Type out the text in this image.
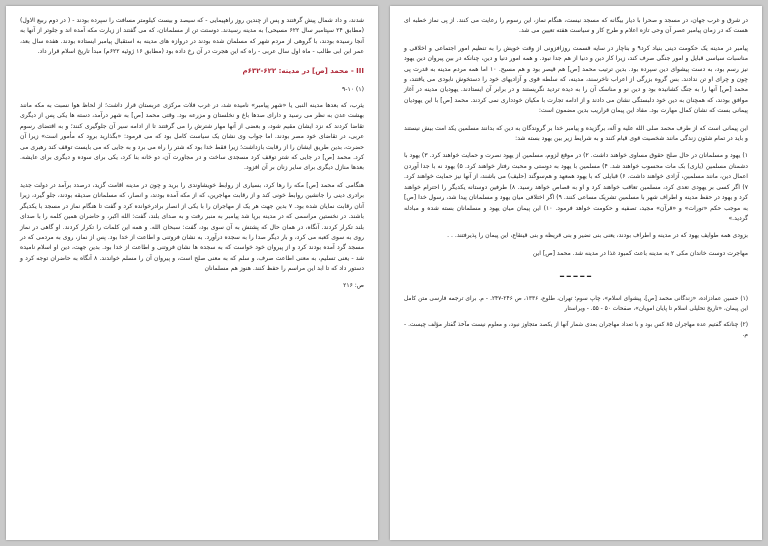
شدند، و داد شمال پیش گرفتند و پس از چندین روز راهپیمایی - که سیصد و بیست کیلومتر مسافت را سپرده بودند - ( در دوم ربیع الاول) (مطابق ۲۴ سپتامبر سال ۶۲۲ مسیحی) به مدینه رسیدند. دوستت تن از مسلمانان، که می گفتند از زیارت مکه آمده اند و جلوتر از آنها به آنجا رسیده بودند، با گروهی از مردم شهر که مسلمان شده بودند در دروازه های مدینه به استقبال پیامبر ایستاده بودند. هفده سال بعد، عمر ابن ابی طالب - ماه اول سال عربی - راه که این هجرت در آن رخ داده بود (مطابق ۱۶ ژوئیه ۶۲۲م) مبدأ تاریخ اسلام قرار داد.

III - محمد [ص] در مدینه: ۶۲۲-۶۳۲م

(۱) ۹-۱۰

یثرب، که بعدها مدینه النبی یا «شهر پیامبر» نامیده شد، در غرب فلات مرکزی عربستان قرار داشت؛ از لحاظ هوا نسبت به مکه مانند بهشت عدن به نظر می رسید و دارای صدها باغ و نخلستان و مزرعه بود. وقتی محمد [ص] به شهر درآمد، دسته ها یکی پس از دیگری تقاضا کردند که نزد ایشان مقیم شود، و بعضی از آنها مهار شترش را می گرفتند تا از ادامه سیر آن جلوگیری کنند؛ و به اقتضای رسوم عربی، در تقاضای خود مصر بودند. اما جواب وی نشان یک سیاست کامل بود که می فرمود: «بگذارید برود که مأمور است» زیرا آن حضرت، بدین طریق ایشان را از رقابت بازداشت؛ زیرا فقط خدا بود که شتر را راه می برد و به جایی که می بایست توقف کند رهبری می کرد. محمد [ص] در جایی که شتر توقف کرد مسجدی ساخت و در مجاورت آن، دو خانه بنا کرد، یکی برای سوده و دیگری برای عایشه. بعدها منازل دیگری برای سایر زنان بر آن افزود.

هنگامی که محمد [ص] مکه را رها کرد، بسیاری از روابط خویشاوندی را برید و چون در مدینه اقامت گزید، درصدد برآمد در دولت جدید برادری دینی را جانشین روابط خونی کند و از رقابت مهاجرین، که از مکه آمده بودند، و انصار، که مسلمانان صدیقه بودند، جلو گیرد، زیرا آنان رقابت نمایان شده بود. ۷ بدین جهت هر یک از مهاجران را با یکی از انصار برادرخوانده کرد و گفت تا هنگام نماز در مسجد با یکدیگر باشند. در نخستین مراسمی که در مدینه برپا شد پیامبر به منبر رفت و به صدای بلند، گفت: الله اکبر، و حاضران همین کلمه را با صدای بلند تکرار کردند. آنگاه، در همان حال که پشتش به آن سوی بود، گفت: سبحان الله. و همه این کلمات را تکرار کردند. او گاهی در نماز روی به سوی کعبه می کرد، و بار دیگر صدا را به سجده درآورد. به نشان فروتنی و اطاعت از خدا بود. پس از نماز، روی به مردمی که در مسجد گرد آمده بودند کرد و از پیروان خود خواست که به سجده ها نشان فروتنی و اطاعت از خدا بود. بدین جهت، دین او اسلام نامیده شد - یعنی تسلیم، به معنی اطاعت صرف، و سلم که به معنی صلح است، و پیروان آن را مسلم خواندند. ۸ آنگاه به حاضران توجه کرد و دستور داد که تا ابد این مراسم را حفظ کنند. هنوز هم مسلمانان

ص: ۲۱۶

در شرق و غرب جهان، در مسجد و صحرا با دیار بیگانه که مسجد نیست، هنگام نماز، این رسوم را رعایت می کنند. از پی نماز خطبه ای هست که در زمان پیامبر عصر آن وحی تازه اعلام و طرح کار و سیاست هفته تعیین می شد.

پیامبر در مدینه یک حکومت دینی بنیاد کرد۹ و بناچار در سایه قسمت روزافزونی از وقت خویش را به تنظیم امور اجتماعی و اخلاقی و مناسبات سیاسی قبایل و امور جنگی صرف کند، زیرا کار دین و دنیا از هم جدا نبود. و همه امور دنیا و دین، چنانکه در بین پیروان دین یهود نیز رسم بود، به دست پیشوای دین سپرده بود. بدین ترتیب محمد [ص] هم قیصر بود و هم مسیح. ۱۰ اما همه مردم مدینه به قدرت پی چون و چرای او تن ندادند. بس گروه بزرگی از اعراب ناخرسند، مدینه، که سلطه قوی و آزادیهای خود را دستخوش نابودی می یافتند، و محمد [ص] آنها را به جنگ کشانیده بود و دین نو و مناسک آن را به دیده تردید نگریستند و در برابر آن ایستادند. یهودیان مدینه در آغاز موافق بودند، که همچنان به دین خود دلبستگی نشان می دادند و از ادامه تجارت با مکیان خودداری نمی کردند. محمد [ص] با این یهودیان پیمانی بست که نشان کمال مهارت بود. مفاد این پیمان قراریب بدین مضمون است:

این پیمانی است که از طرف محمد صلی الله علیه و آله، برگزیده و پیامبر خدا بر گروندگان به دین که بدانند مسلمین یکد امت بیش نیستند و باید در تمام شئون زندگی مانند شخصیت قوی قیام کنند و به شرایط زیر بین یهود بسته شد:

۱) یهود و مسلمانان در حال صلح حقوق مساوی خواهند داشت. ۲) در موقع لزوم، مسلمین از یهود نصرت و حمایت خواهند کرد. ۳) یهود با دشمنان مسلمین (یاری) بک مات محسوب خواهند شد. ۴) مسلمین با یهود به دوستی و محبت رفتار خواهند کرد. ۵) یهود نه با جدا آوردن اعمال دین، مانند مسلمین، آزادی خواهند داشت. ۶) قبایلی که با یهود همعهد و هم‌سوگند (حلیف) می باشند، از آنها نیز حمایت خواهند کرد. ۷) اگر کسی بر یهودی تعدی کرد، مسلمین تعاقب خواهند کرد و او به قصاص خواهد رسید. ۸) طرفین دوستانه یکدیگر را احترام خواهند کرد و یهود در حفظ مدینه و اطراف شهر با مسلمین تشریک مساعی کنند. ۹) اگر اختلافی میان یهود و مسلمانان پیدا شد، رسول خدا [ص] به موجب حکم «تورات» و «قرآن» مجید، تصفیه و حکومت خواهد فرمود. ۱۰) این پیمان میان یهود و مسلمانان بسته شده و مبادله گردید.»

بزودی همه طوایف یهود که در مدینه و اطراف بودند، یعنی بنی نضیر و بنی قریظه و بنی قینقاع، این پیمان را پذیرفتند. . .

مهاجرت دوست خاندان مکی ۲ به مدینه باعث کمبود غذا در مدینه شد. محمد [ص] این

-----

(۱) حسین عمادزاده، «زندگانی محمد [ص]، پیشوای اسلام»، چاپ سوم؛ تهران، طلوع، ۱۳۳۶، ص ۲۴۶-۲۴۷. - م. برای ترجمه فارسی متن کامل این پیمان، «تاریخ تحلیلی اسلام تا پایان امویان»، صفحات ۵۰ - ۵۵. - ویراستار

(۲) چنانکه گفتیم عده مهاجران ۸۵ کس بود و با تعداد مهاجران بعدی شمار آنها از یکصد متجاوز نبود، و معلوم نیست مآخذ گفتار مؤلف چیست. - م.
